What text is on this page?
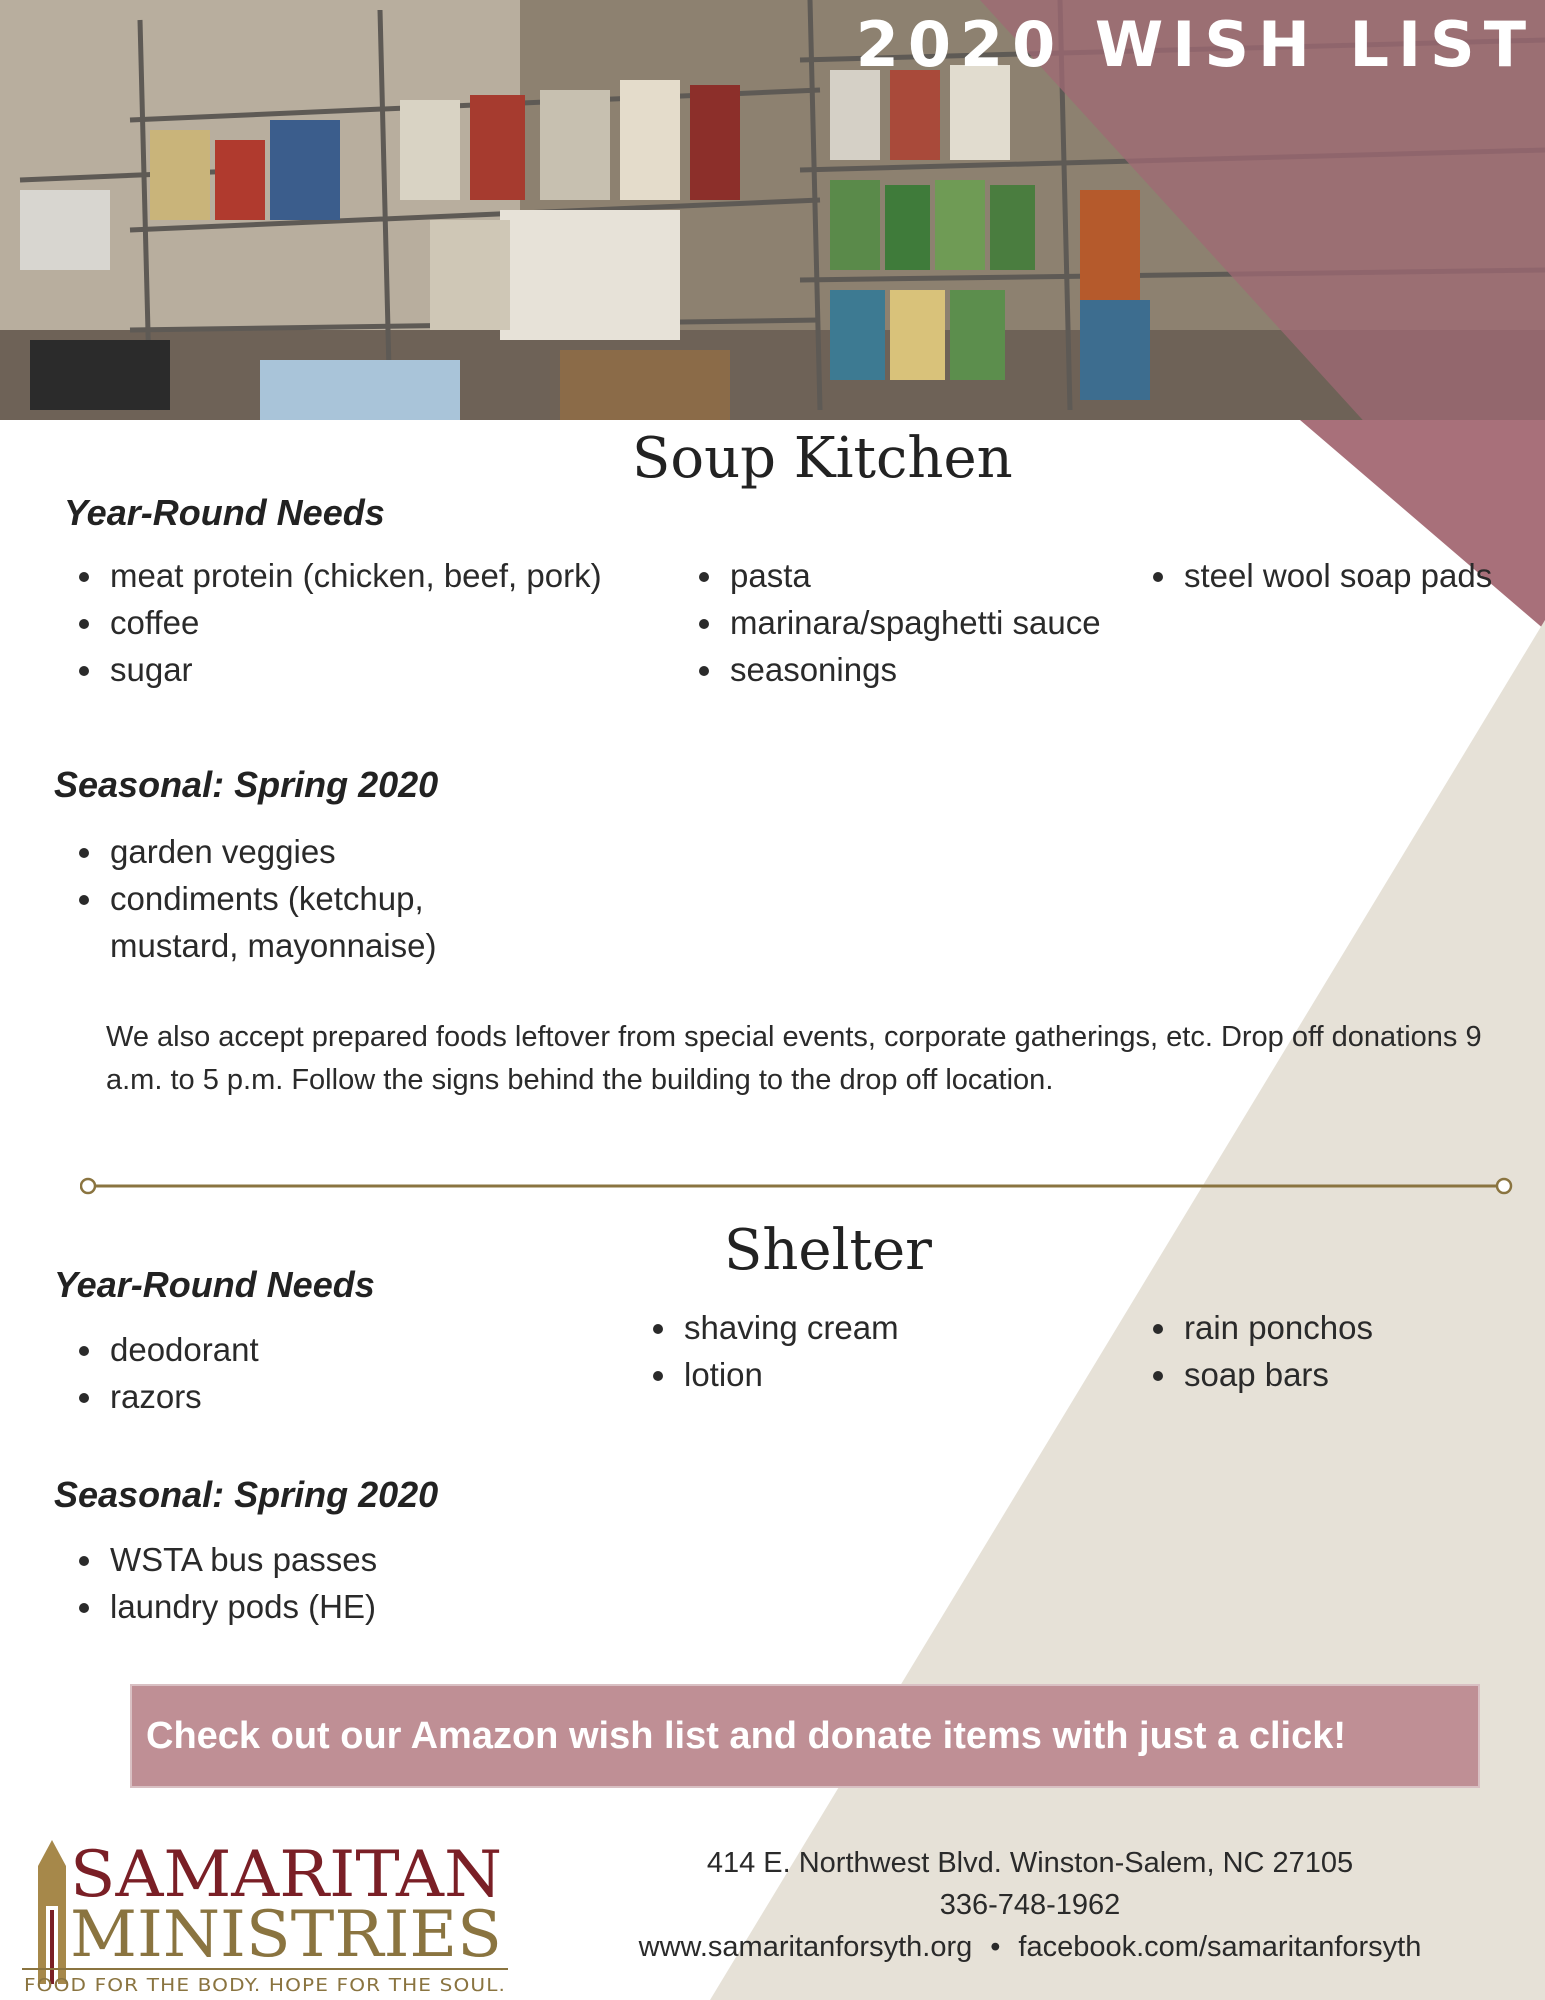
2020 WISH LIST
Soup Kitchen
Year-Round Needs
• meat protein (chicken, beef, pork)
• coffee
• sugar
• pasta
• marinara/spaghetti sauce
• seasonings
• steel wool soap pads
Seasonal: Spring 2020
• garden veggies
• condiments (ketchup, mustard, mayonnaise)
We also accept prepared foods leftover from special events, corporate gatherings, etc. Drop off donations 9 a.m. to 5 p.m. Follow the signs behind the building to the drop off location.
Shelter
Year-Round Needs
• deodorant
• razors
• shaving cream
• lotion
• rain ponchos
• soap bars
Seasonal: Spring 2020
• WSTA bus passes
• laundry pods (HE)
Check out our Amazon wish list and donate items with just a click!
SAMARITAN
MINISTRIES
FOOD FOR THE BODY. HOPE FOR THE SOUL.
414 E. Northwest Blvd. Winston-Salem, NC 27105
336-748-1962
www.samaritanforsyth.org • facebook.com/samaritanforsyth
